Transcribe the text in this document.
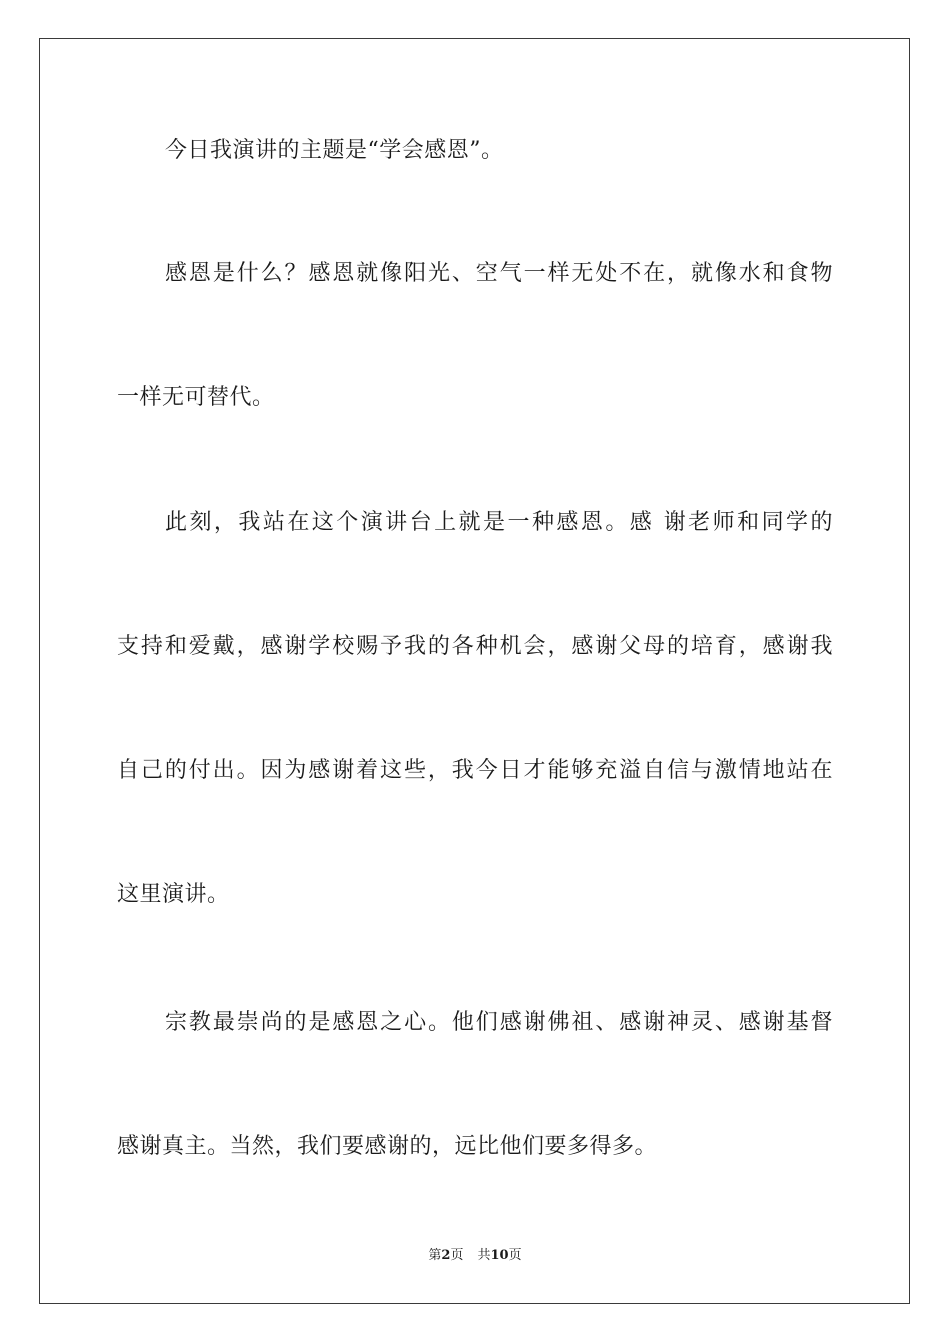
今日我演讲的主题是“学会感恩”。
感恩是什么？感恩就像阳光、空气一样无处不在，就像水和食物
一样无可替代。
此刻，我站在这个演讲台上就是一种感恩。感 谢老师和同学的
支持和爱戴，感谢学校赐予我的各种机会，感谢父母的培育，感谢我
自己的付出。因为感谢着这些，我今日才能够充溢自信与激情地站在
这里演讲。
宗教最崇尚的是感恩之心。他们感谢佛祖、感谢神灵、感谢基督
感谢真主。当然，我们要感谢的，远比他们要多得多。
第2页 共10页
